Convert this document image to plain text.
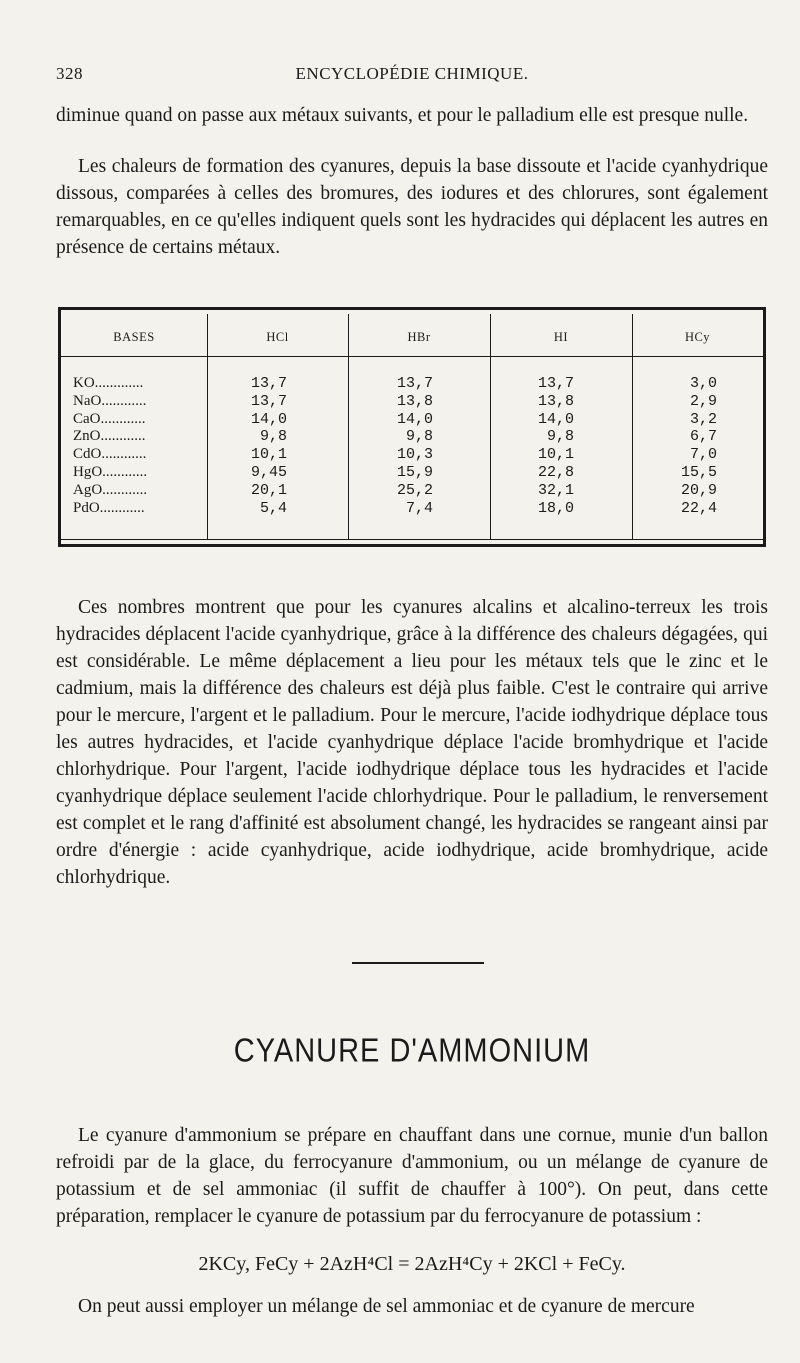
328	ENCYCLOPÉDIE CHIMIQUE.

diminue quand on passe aux métaux suivants, et pour le palladium elle est presque nulle.

Les chaleurs de formation des cyanures, depuis la base dissoute et l'acide cyanhydrique dissous, comparées à celles des bromures, des iodures et des chlorures, sont également remarquables, en ce qu'elles indiquent quels sont les hydracides qui déplacent les autres en présence de certains métaux.

BASES	HCl	HBr	HI	HCy
KO.............	13,7	13,7	13,7	3,0
NaO............	13,7	13,8	13,8	2,9
CaO............	14,0	14,0	14,0	3,2
ZnO............	9,8	9,8	9,8	6,7
CdO............	10,1	10,3	10,1	7,0
HgO............	9,45	15,9	22,8	15,5
AgO............	20,1	25,2	32,1	20,9
PdO............	5,4	7,4	18,0	22,4

Ces nombres montrent que pour les cyanures alcalins et alcalino-terreux les trois hydracides déplacent l'acide cyanhydrique, grâce à la différence des chaleurs dégagées, qui est considérable. Le même déplacement a lieu pour les métaux tels que le zinc et le cadmium, mais la différence des chaleurs est déjà plus faible. C'est le contraire qui arrive pour le mercure, l'argent et le palladium. Pour le mercure, l'acide iodhydrique déplace tous les autres hydracides, et l'acide cyanhydrique déplace l'acide bromhydrique et l'acide chlorhydrique. Pour l'argent, l'acide iodhydrique déplace tous les hydracides et l'acide cyanhydrique déplace seulement l'acide chlorhydrique. Pour le palladium, le renversement est complet et le rang d'affinité est absolument changé, les hydracides se rangeant ainsi par ordre d'énergie : acide cyanhydrique, acide iodhydrique, acide bromhydrique, acide chlorhydrique.

CYANURE D'AMMONIUM

Le cyanure d'ammonium se prépare en chauffant dans une cornue, munie d'un ballon refroidi par de la glace, du ferrocyanure d'ammonium, ou un mélange de cyanure de potassium et de sel ammoniac (il suffit de chauffer à 100°). On peut, dans cette préparation, remplacer le cyanure de potassium par du ferrocyanure de potassium :

2KCy, FeCy + 2AzH⁴Cl = 2AzH⁴Cy + 2KCl + FeCy.

On peut aussi employer un mélange de sel ammoniac et de cyanure de mercure
